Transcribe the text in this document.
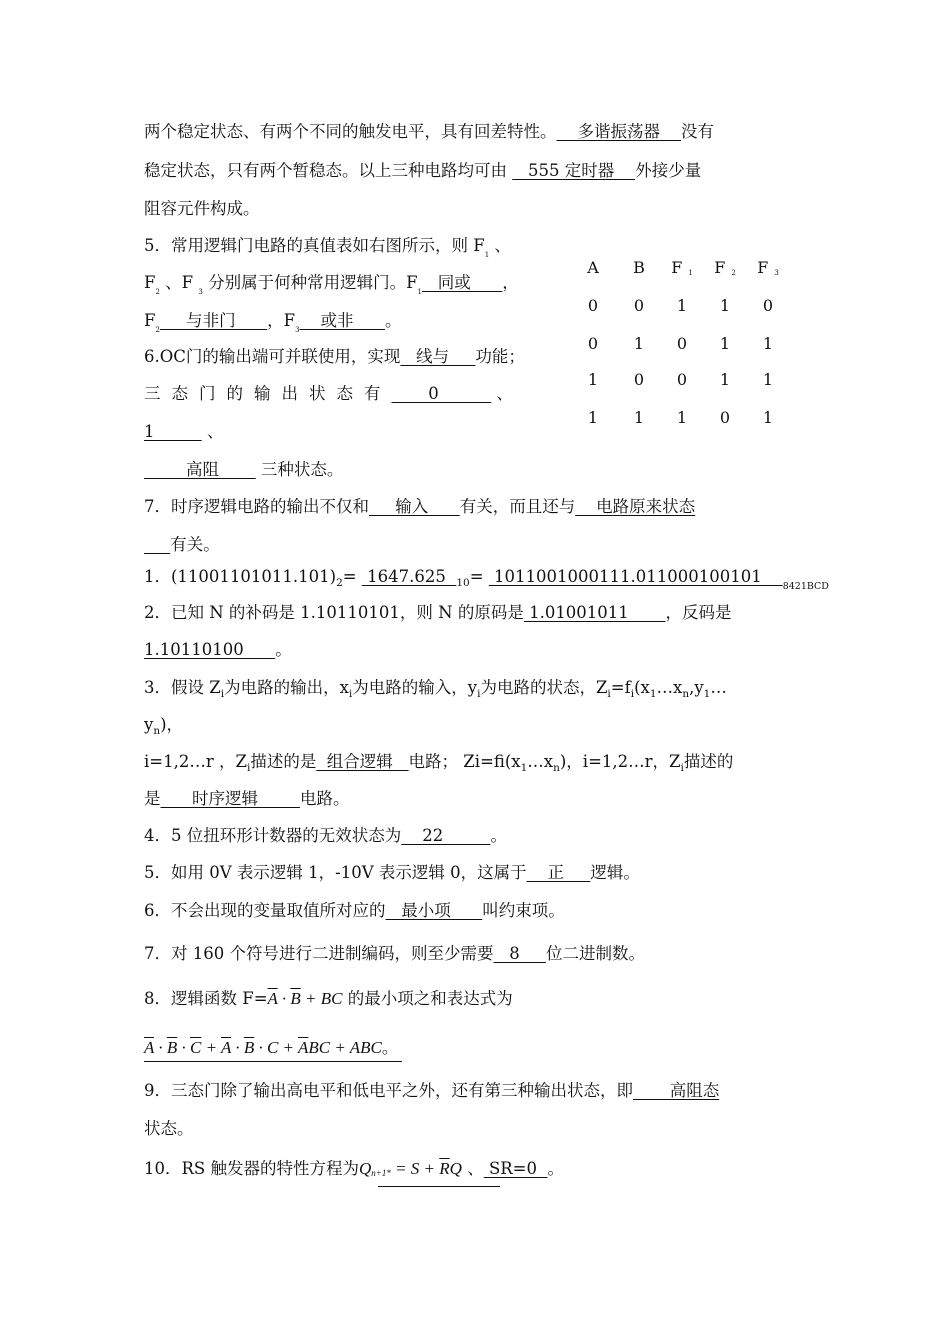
两个稳定状态、有两个不同的触发电平，具有回差特性。    多谐振荡器    没有
稳定状态，只有两个暂稳态。以上三种电路均可由    555 定时器    外接少量
阻容元件构成。
5．常用逻辑门电路的真值表如右图所示，则 $F_1$ 、
$F_2$ 、F $_3$ 分别属于何种常用逻辑门。$F_1$   同或      ，
$F_2$     与非门      ，$F_3$    或非      。
6.OC门的输出端可并联使用，实现   线与     功能；
三态门的输出状态有       0           、
1          、
高阻        三种状态。
7．时序逻辑电路的输出不仅和     输入      有关，而且还与    电路原来状态
有关。
A	B	F 1 F 2 F 3
0	0	1	1	0
0	1	0	1	1
1	0	0	1	1
1	1	1	0	1
1．$(11001101011.101)_2= 1647.625$  $_{10}$=  1011001000111.011000100101    $_{8421BCD}$
2．已知 N 的补码是 1.10110101，则 N 的原码是 1.01001011       ，反码是
1.10110100      。
3．假设 $Z_i$为电路的输出，$x_i$为电路的输入，$y_i$为电路的状态，$Z_i=f_i(x_1\dots x_n,y_1\dots$
$y_n$)，
i=1,2…r ，$Z_i$描述的是  组合逻辑   电路； $Zi=fi(x_1\dots x_n)$，i=1,2…r，$Z_i$描述的
是      时序逻辑        电路。
4．5 位扭环形计数器的无效状态为    22         。
5．如用 0V 表示逻辑 1，-10V 表示逻辑 0，这属于    正     逻辑。
6．不会出现的变量取值所对应的   最小项      叫约束项。
7．对 160 个符号进行二进制编码，则至少需要   8     位二进制数。
8．逻辑函数 $F=\overline{A} \cdot \overline{B}$ + BC 的最小项之和表达式为
$\overline{A} \cdot \overline{B} \cdot \overline{C} + \overline{A} \cdot \overline{B} \cdot C + \overline{A}BC$ + ABC。
9．三态门除了输出高电平和低电平之外，还有第三种输出状态，即       高阻态
状态。
10．RS 触发器的特性方程为$Qn+1* = S + \overline{R}Q$ 、 SR=0  。
